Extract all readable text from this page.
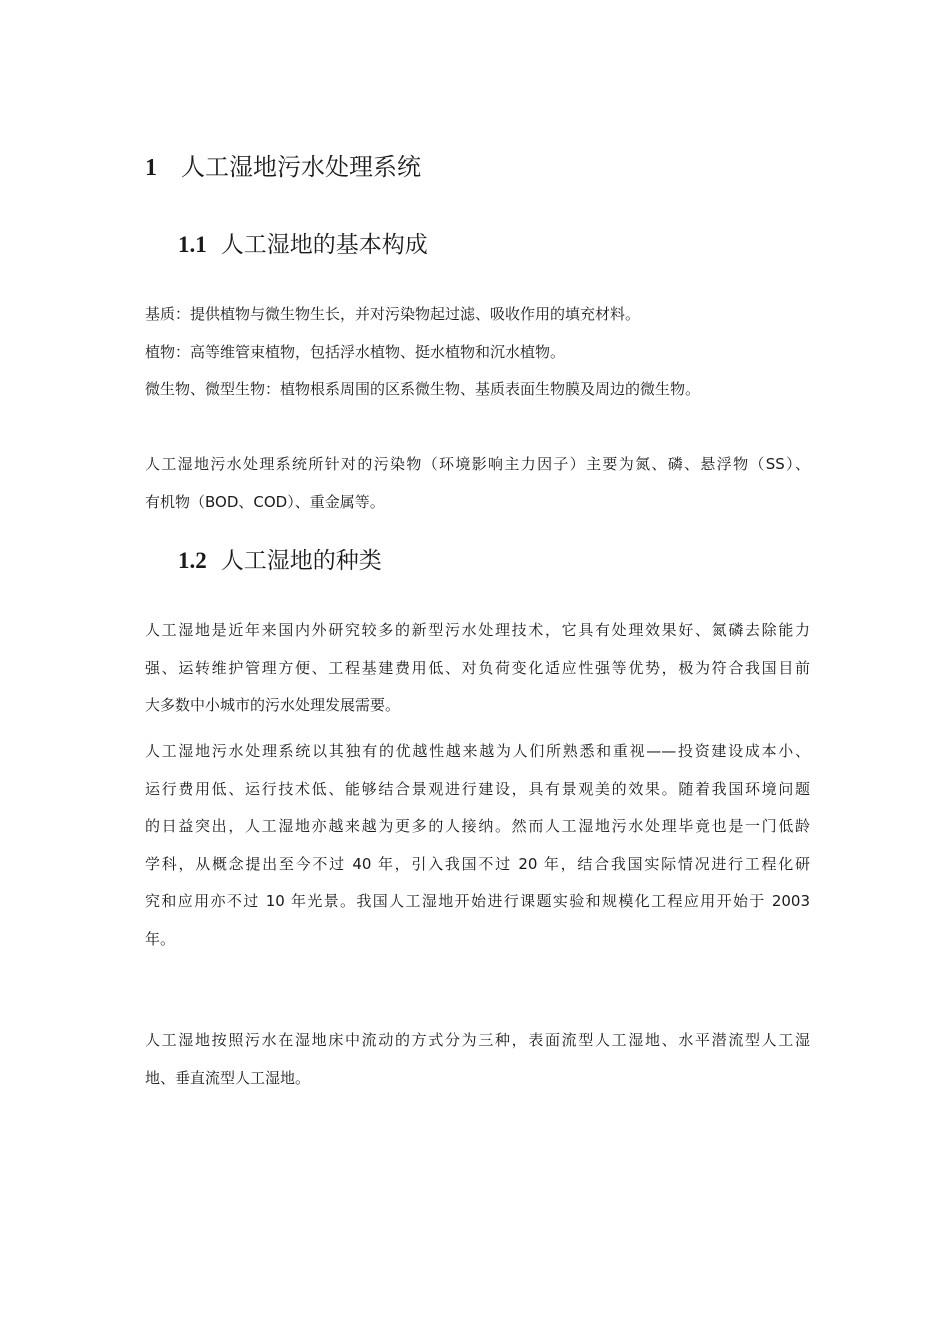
1 人工湿地污水处理系统
1.1 人工湿地的基本构成
基质：提供植物与微生物生长，并对污染物起过滤、吸收作用的填充材料。
植物：高等维管束植物，包括浮水植物、挺水植物和沉水植物。
微生物、微型生物：植物根系周围的区系微生物、基质表面生物膜及周边的微生物。
人工湿地污水处理系统所针对的污染物（环境影响主力因子）主要为氮、磷、悬浮物（SS）、
有机物（BOD、COD）、重金属等。
1.2 人工湿地的种类
人工湿地是近年来国内外研究较多的新型污水处理技术，它具有处理效果好、氮磷去除能力
强、运转维护管理方便、工程基建费用低、对负荷变化适应性强等优势，极为符合我国目前
大多数中小城市的污水处理发展需要。
人工湿地污水处理系统以其独有的优越性越来越为人们所熟悉和重视——投资建设成本小、
运行费用低、运行技术低、能够结合景观进行建设，具有景观美的效果。随着我国环境问题
的日益突出，人工湿地亦越来越为更多的人接纳。然而人工湿地污水处理毕竟也是一门低龄
学科，从概念提出至今不过 40 年，引入我国不过 20 年，结合我国实际情况进行工程化研
究和应用亦不过 10 年光景。我国人工湿地开始进行课题实验和规模化工程应用开始于 2003
年。
人工湿地按照污水在湿地床中流动的方式分为三种，表面流型人工湿地、水平潜流型人工湿
地、垂直流型人工湿地。
